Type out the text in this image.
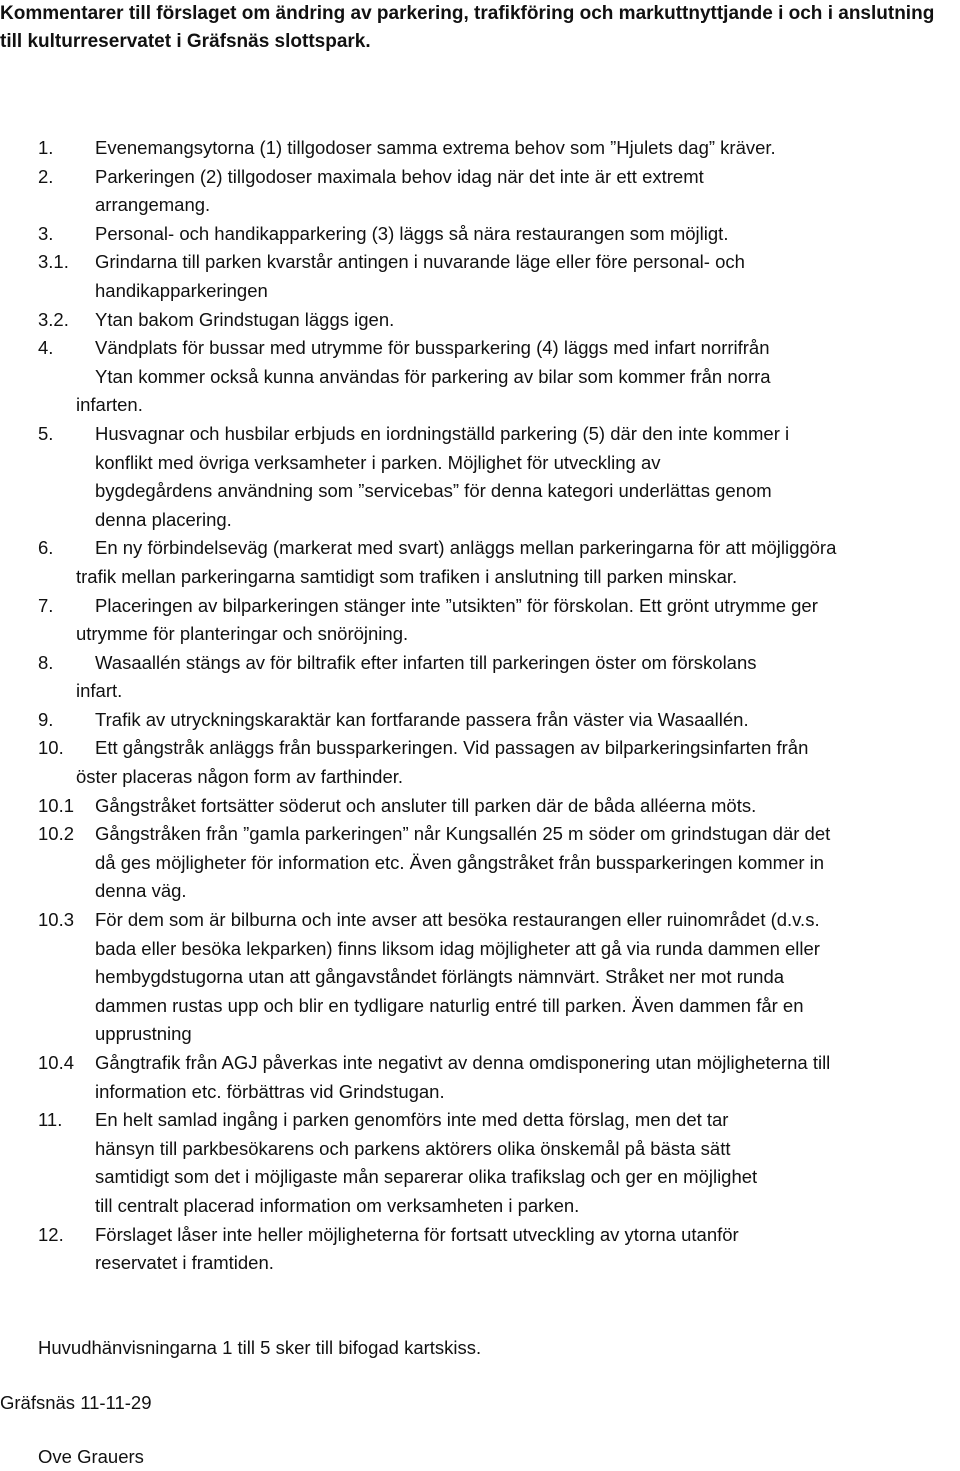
Kommentarer till förslaget om ändring av parkering, trafikföring och markuttnyttjande i och i anslutning till kulturreservatet i Gräfsnäs slottspark.
1.	Evenemangsytorna (1) tillgodoser samma extrema behov som ”Hjulets dag” kräver.
2.	Parkeringen (2) tillgodoser maximala behov idag när det inte är ett extremt
arrangemang.
3.	Personal- och handikapparkering (3) läggs så nära restaurangen som möjligt.
3.1.	Grindarna till parken kvarstår antingen i nuvarande läge eller före personal- och
handikapparkeringen
3.2.	Ytan bakom Grindstugan läggs igen.
4.	Vändplats för bussar med utrymme för bussparkering (4) läggs med infart norrifrån
Ytan kommer också kunna användas för parkering av bilar som kommer från norra
infarten.
5.	Husvagnar och husbilar erbjuds en iordningställd parkering (5) där den inte kommer i
konflikt med övriga verksamheter i parken. Möjlighet för utveckling av
bygdegårdens användning som ”servicebas” för denna kategori underlättas genom
denna placering.
6.	En ny förbindelseväg (markerat med svart) anläggs mellan parkeringarna för att möjliggöra
trafik mellan parkeringarna samtidigt som trafiken i anslutning till parken minskar.
7.	Placeringen av bilparkeringen stänger inte ”utsikten” för förskolan. Ett grönt utrymme ger
utrymme för planteringar och snöröjning.
8.	Wasaallén stängs av för biltrafik efter infarten till parkeringen öster om förskolans
infart.
9.	Trafik av utryckningskaraktär kan fortfarande passera från väster via Wasaallén.
10.	Ett gångstråk anläggs från bussparkeringen. Vid passagen av bilparkeringsinfarten från
öster placeras någon form av farthinder.
10.1	Gångstråket fortsätter söderut och ansluter till parken där de båda alléerna möts.
10.2	Gångstråken från ”gamla parkeringen” når Kungsallén 25 m söder om grindstugan där det
då ges möjligheter för information etc. Även gångstråket från bussparkeringen kommer in
denna väg.
10.3	För dem som är bilburna och inte avser att besöka restaurangen eller ruinområdet (d.v.s.
bada eller besöka lekparken) finns liksom idag möjligheter att gå via runda dammen eller
hembygdstugorna utan att gångavståndet förlängts nämnvärt. Stråket ner mot runda
dammen rustas upp och blir en tydligare naturlig entré till parken. Även dammen får en
upprustning
10.4	Gångtrafik från AGJ påverkas inte negativt av denna omdisponering utan möjligheterna till
information etc. förbättras vid Grindstugan.
11.	En helt samlad ingång i parken genomförs inte med detta förslag, men det tar
hänsyn till parkbesökarens och parkens aktörers olika önskemål på bästa sätt
samtidigt som det i möjligaste mån separerar olika trafikslag och ger en möjlighet
till centralt placerad information om verksamheten i parken.
12.	Förslaget låser inte heller möjligheterna för fortsatt utveckling av ytorna utanför
reservatet i framtiden.
Huvudhänvisningarna 1 till 5 sker till bifogad kartskiss.
Gräfsnäs 11-11-29
Ove Grauers
